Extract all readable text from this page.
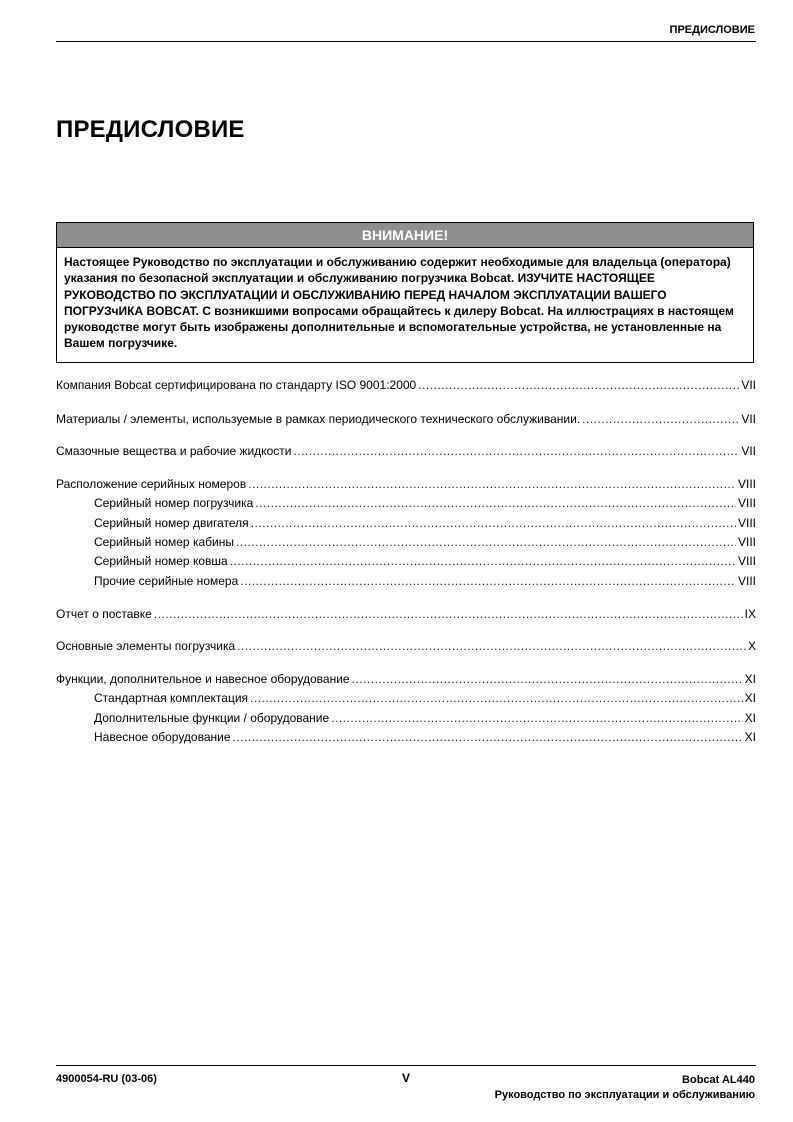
ПРЕДИСЛОВИЕ
ПРЕДИСЛОВИЕ
ВНИМАНИЕ!
Настоящее Руководство по эксплуатации и обслуживанию содержит необходимые для владельца (оператора) указания по безопасной эксплуатации и обслуживанию погрузчика Bobcat. ИЗУЧИТЕ НАСТОЯЩЕЕ РУКОВОДСТВО ПО ЭКСПЛУАТАЦИИ И ОБСЛУЖИВАНИЮ ПЕРЕД НАЧАЛОМ ЭКСПЛУАТАЦИИ ВАШЕГО ПОГРУЗчИКА BOBCAT. С возникшими вопросами обращайтесь к дилеру Bobcat. На иллюстрациях в настоящем руководстве могут быть изображены дополнительные и вспомогательные устройства, не установленные на Вашем погрузчике.
Компания Bobcat сертифицирована по стандарту ISO 9001:2000 .....	VII
Материалы / элементы, используемые в рамках периодического технического обслуживании. .....	VII
Смазочные вещества и рабочие жидкости .....	VII
Расположение серийных номеров .....	VIII
Серийный номер погрузчика .....	VIII
Серийный номер двигателя .....	VIII
Серийный номер кабины .....	VIII
Серийный номер ковша .....	VIII
Прочие серийные номера .....	VIII
Отчет о поставке .....	IX
Основные элементы погрузчика .....	X
Функции, дополнительное и навесное оборудование .....	XI
Стандартная комплектация .....	XI
Дополнительные функции / оборудование .....	XI
Навесное оборудование .....	XI
4900054-RU (03-06)	V	Bobcat AL440
Руководство по эксплуатации и обслуживанию
